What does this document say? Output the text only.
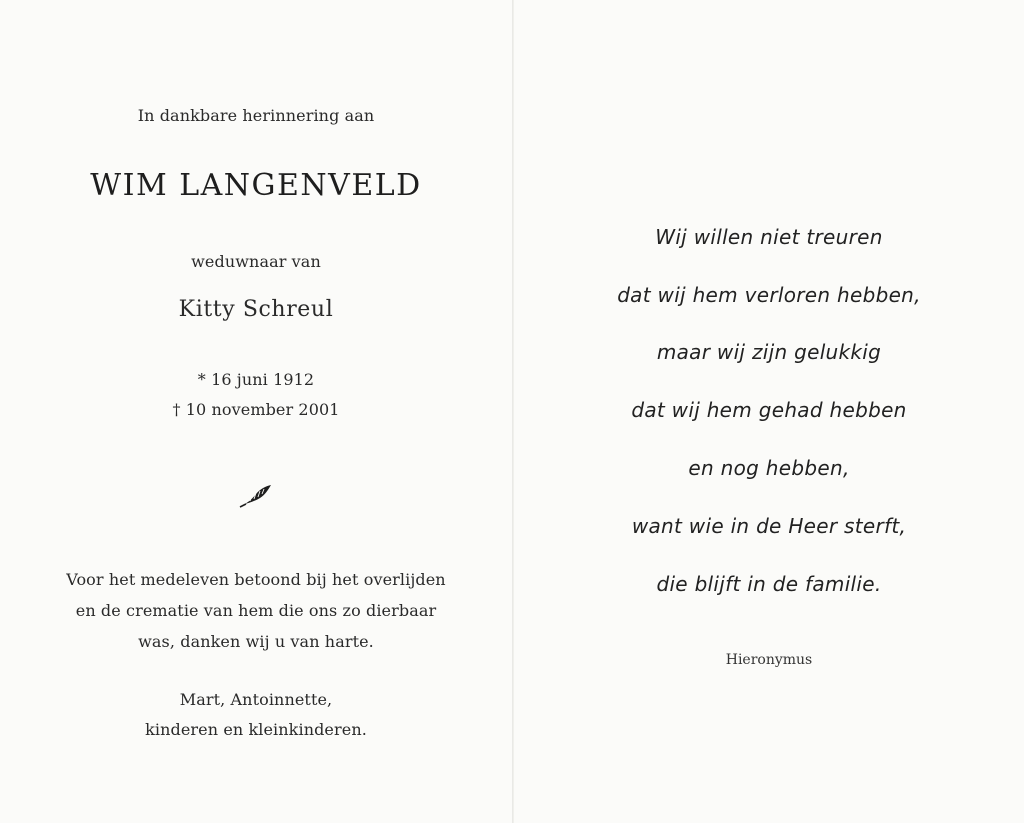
In dankbare herinnering aan
WIM LANGENVELD
weduwnaar van
Kitty Schreul
* 16 juni 1912
† 10 november 2001
Voor het medeleven betoond bij het overlijden
en de crematie van hem die ons zo dierbaar
was, danken wij u van harte.
Mart, Antoinnette,
kinderen en kleinkinderen.
Wij willen niet treuren
dat wij hem verloren hebben,
maar wij zijn gelukkig
dat wij hem gehad hebben
en nog hebben,
want wie in de Heer sterft,
die blijft in de familie.
Hieronymus
